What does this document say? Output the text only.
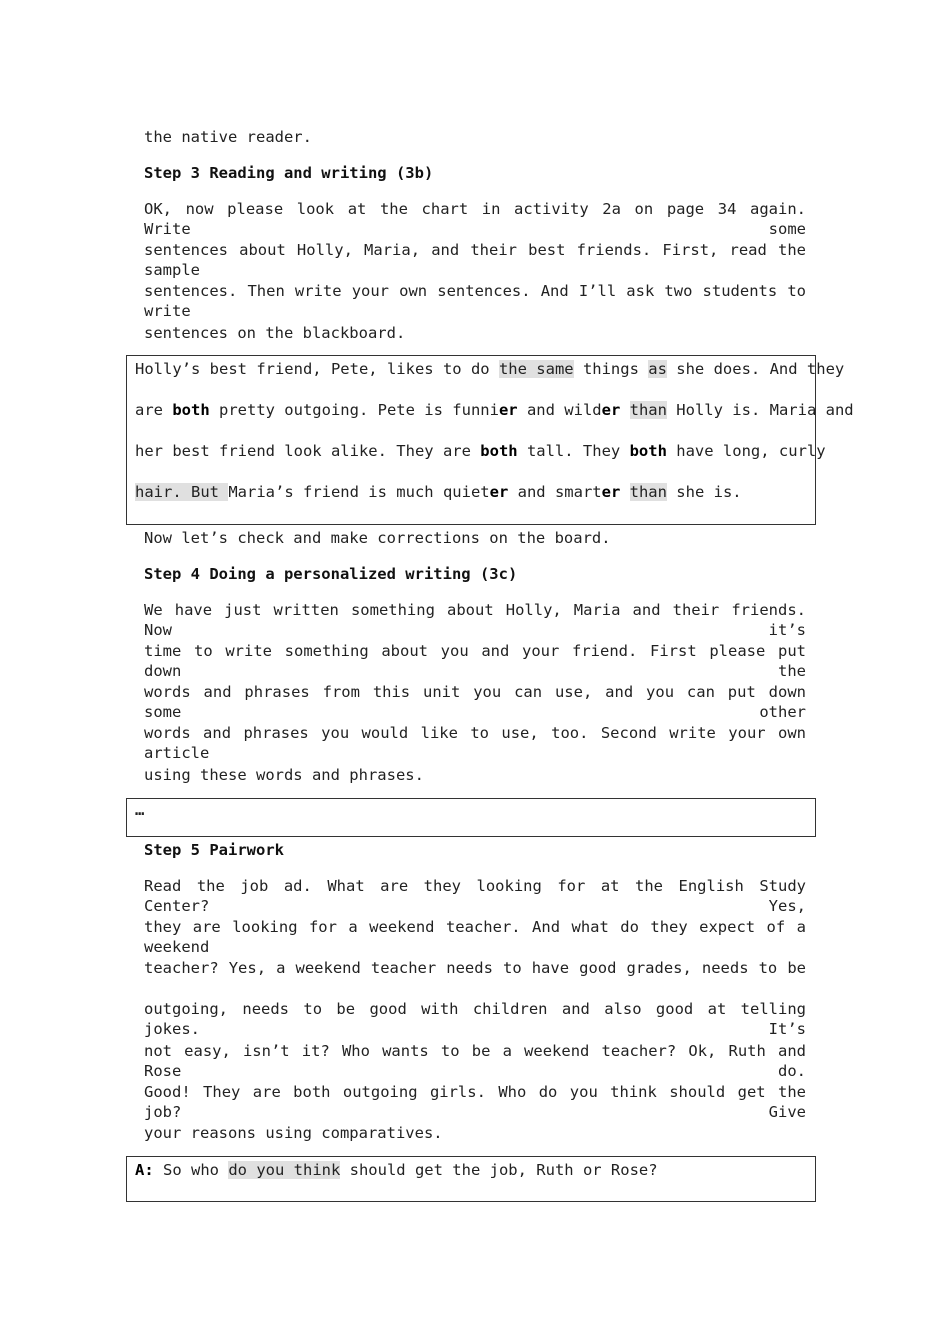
the native reader.
Step 3 Reading and writing (3b)
OK, now please look at the chart in activity 2a on page 34 again. Write some
sentences about Holly, Maria, and their best friends. First, read the sample
sentences. Then write your own sentences. And I’ll ask two students to write
sentences on the blackboard.
Holly’s best friend, Pete, likes to do the same things as she does. And they
are both pretty outgoing. Pete is funnier and wilder than Holly is. Maria and
her best friend look alike. They are both tall. They both have long, curly
hair. But Maria’s friend is much quieter and smarter than she is.
Now let’s check and make corrections on the board.
Step 4 Doing a personalized writing (3c)
We have just written something about Holly, Maria and their friends. Now it’s
time to write something about you and your friend. First please put down the
words and phrases from this unit you can use, and you can put down some other
words and phrases you would like to use, too. Second write your own article
using these words and phrases.
…
Step 5 Pairwork
Read the job ad. What are they looking for at the English Study Center? Yes,
they are looking for a weekend teacher. And what do they expect of a weekend
teacher? Yes, a weekend teacher needs to have good grades, needs to be
outgoing, needs to be good with children and also good at telling jokes. It’s
not easy, isn’t it? Who wants to be a weekend teacher? Ok, Ruth and Rose do.
Good! They are both outgoing girls. Who do you think should get the job? Give
your reasons using comparatives.
A: So who do you think should get the job, Ruth or Rose?
